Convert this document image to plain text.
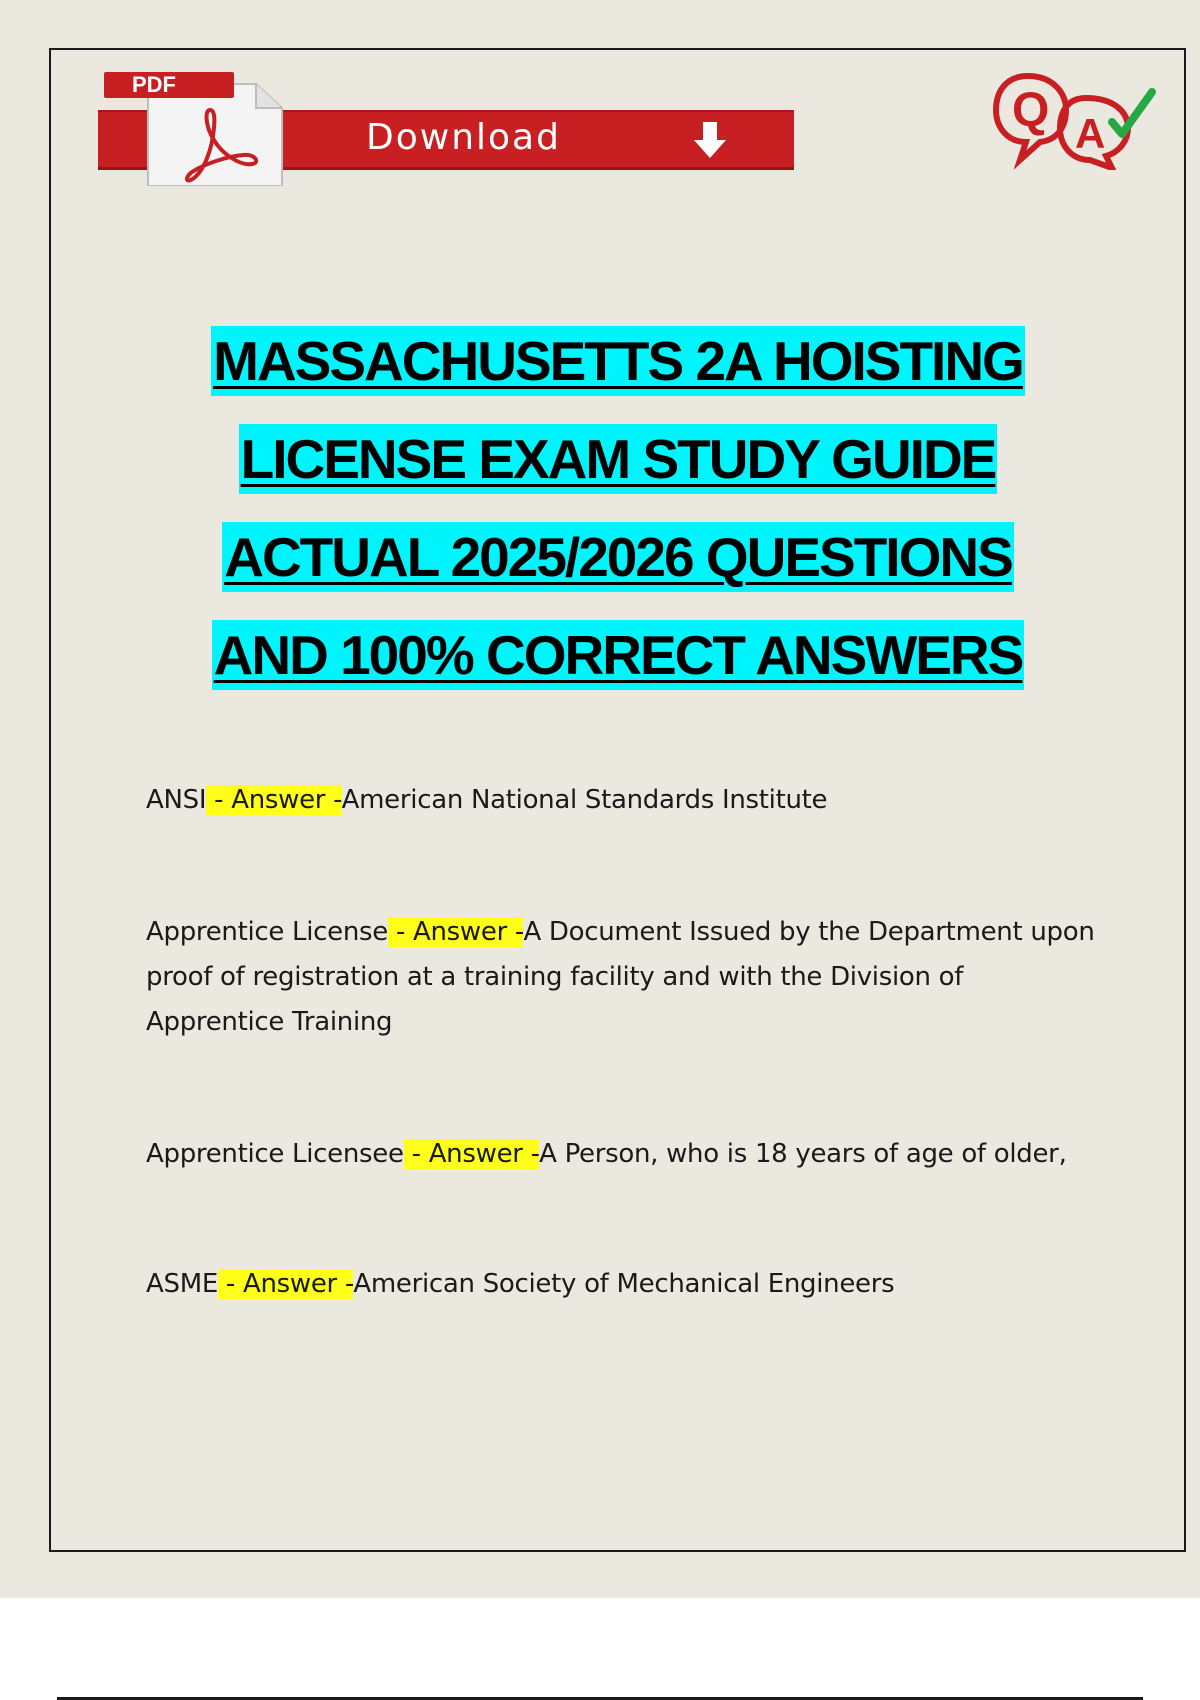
PDF
Download
Q A
MASSACHUSETTS 2A HOISTING
LICENSE EXAM STUDY GUIDE
ACTUAL 2025/2026 QUESTIONS
AND 100% CORRECT ANSWERS
ANSI - Answer -American National Standards Institute
Apprentice License - Answer -A Document Issued by the Department upon proof of registration at a training facility and with the Division of Apprentice Training
Apprentice Licensee - Answer -A Person, who is 18 years of age of older,
ASME - Answer -American Society of Mechanical Engineers
